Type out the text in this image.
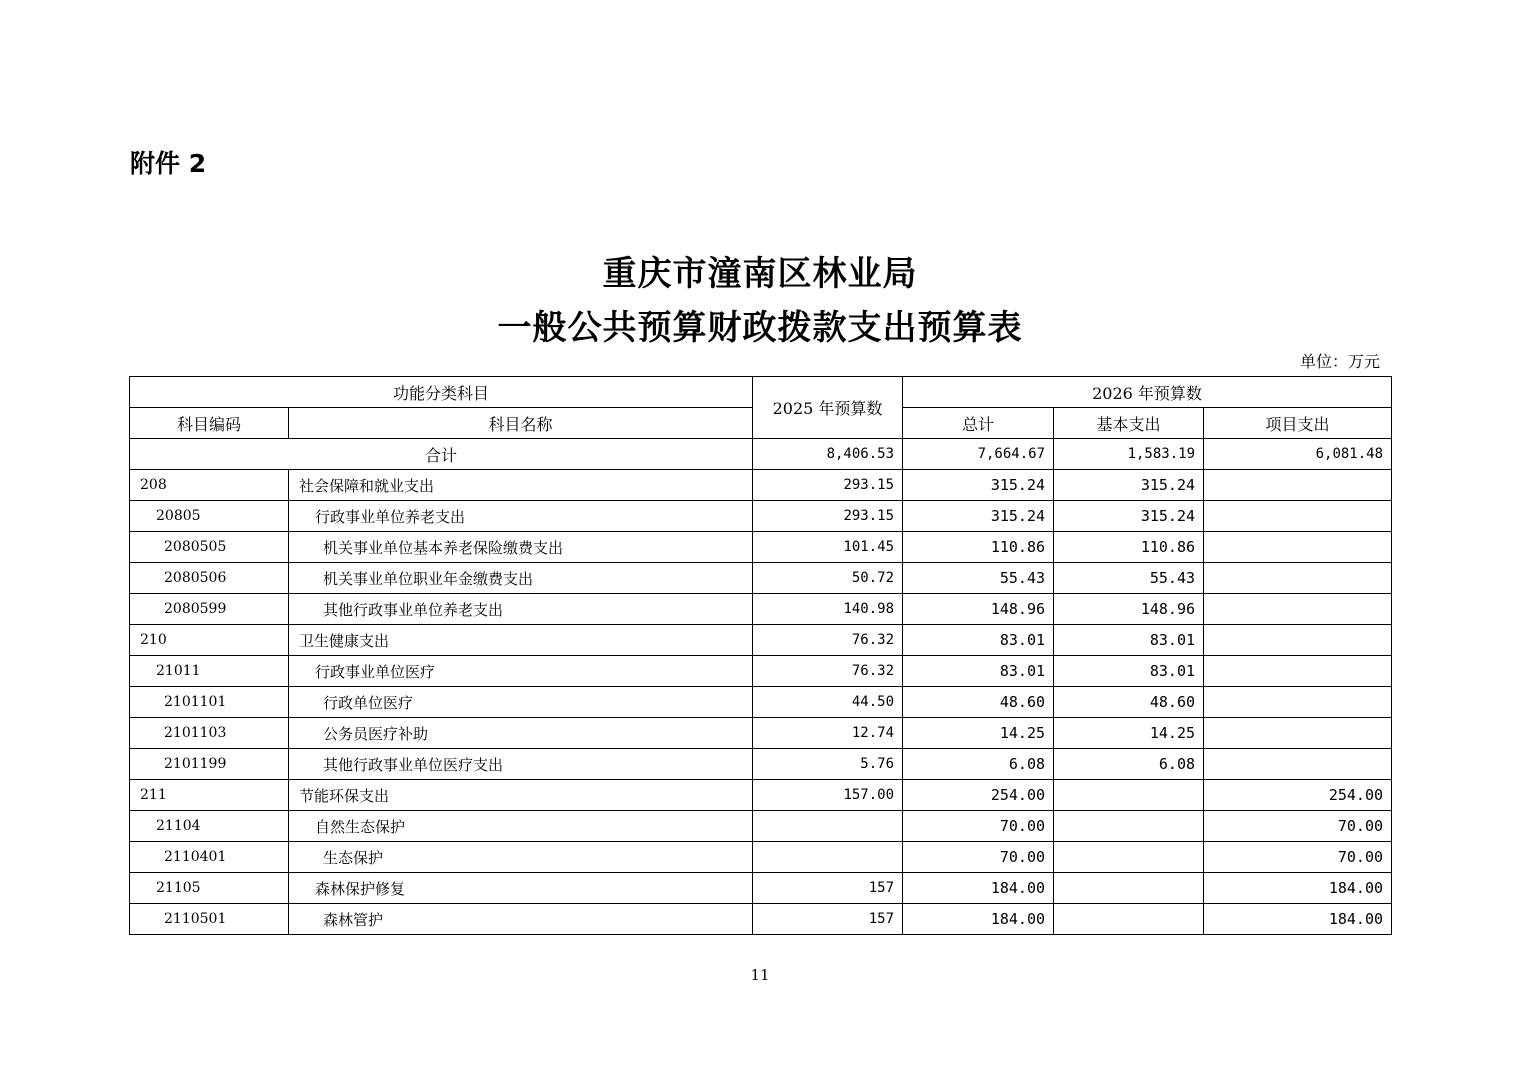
附件 2
重庆市潼南区林业局
一般公共预算财政拨款支出预算表
单位：万元
功能分类科目		2025 年预算数	2026 年预算数		
科目编码	科目名称		总计	基本支出	项目支出
合计		8,406.53	7,664.67	1,583.19	6,081.48
208	社会保障和就业支出	293.15	315.24	315.24	
20805	行政事业单位养老支出	293.15	315.24	315.24	
2080505	机关事业单位基本养老保险缴费支出	101.45	110.86	110.86	
2080506	机关事业单位职业年金缴费支出	50.72	55.43	55.43	
2080599	其他行政事业单位养老支出	140.98	148.96	148.96	
210	卫生健康支出	76.32	83.01	83.01	
21011	行政事业单位医疗	76.32	83.01	83.01	
2101101	行政单位医疗	44.50	48.60	48.60	
2101103	公务员医疗补助	12.74	14.25	14.25	
2101199	其他行政事业单位医疗支出	5.76	6.08	6.08	
211	节能环保支出	157.00	254.00		254.00
21104	自然生态保护		70.00		70.00
2110401	生态保护		70.00		70.00
21105	森林保护修复	157	184.00		184.00
2110501	森林管护	157	184.00		184.00
11
